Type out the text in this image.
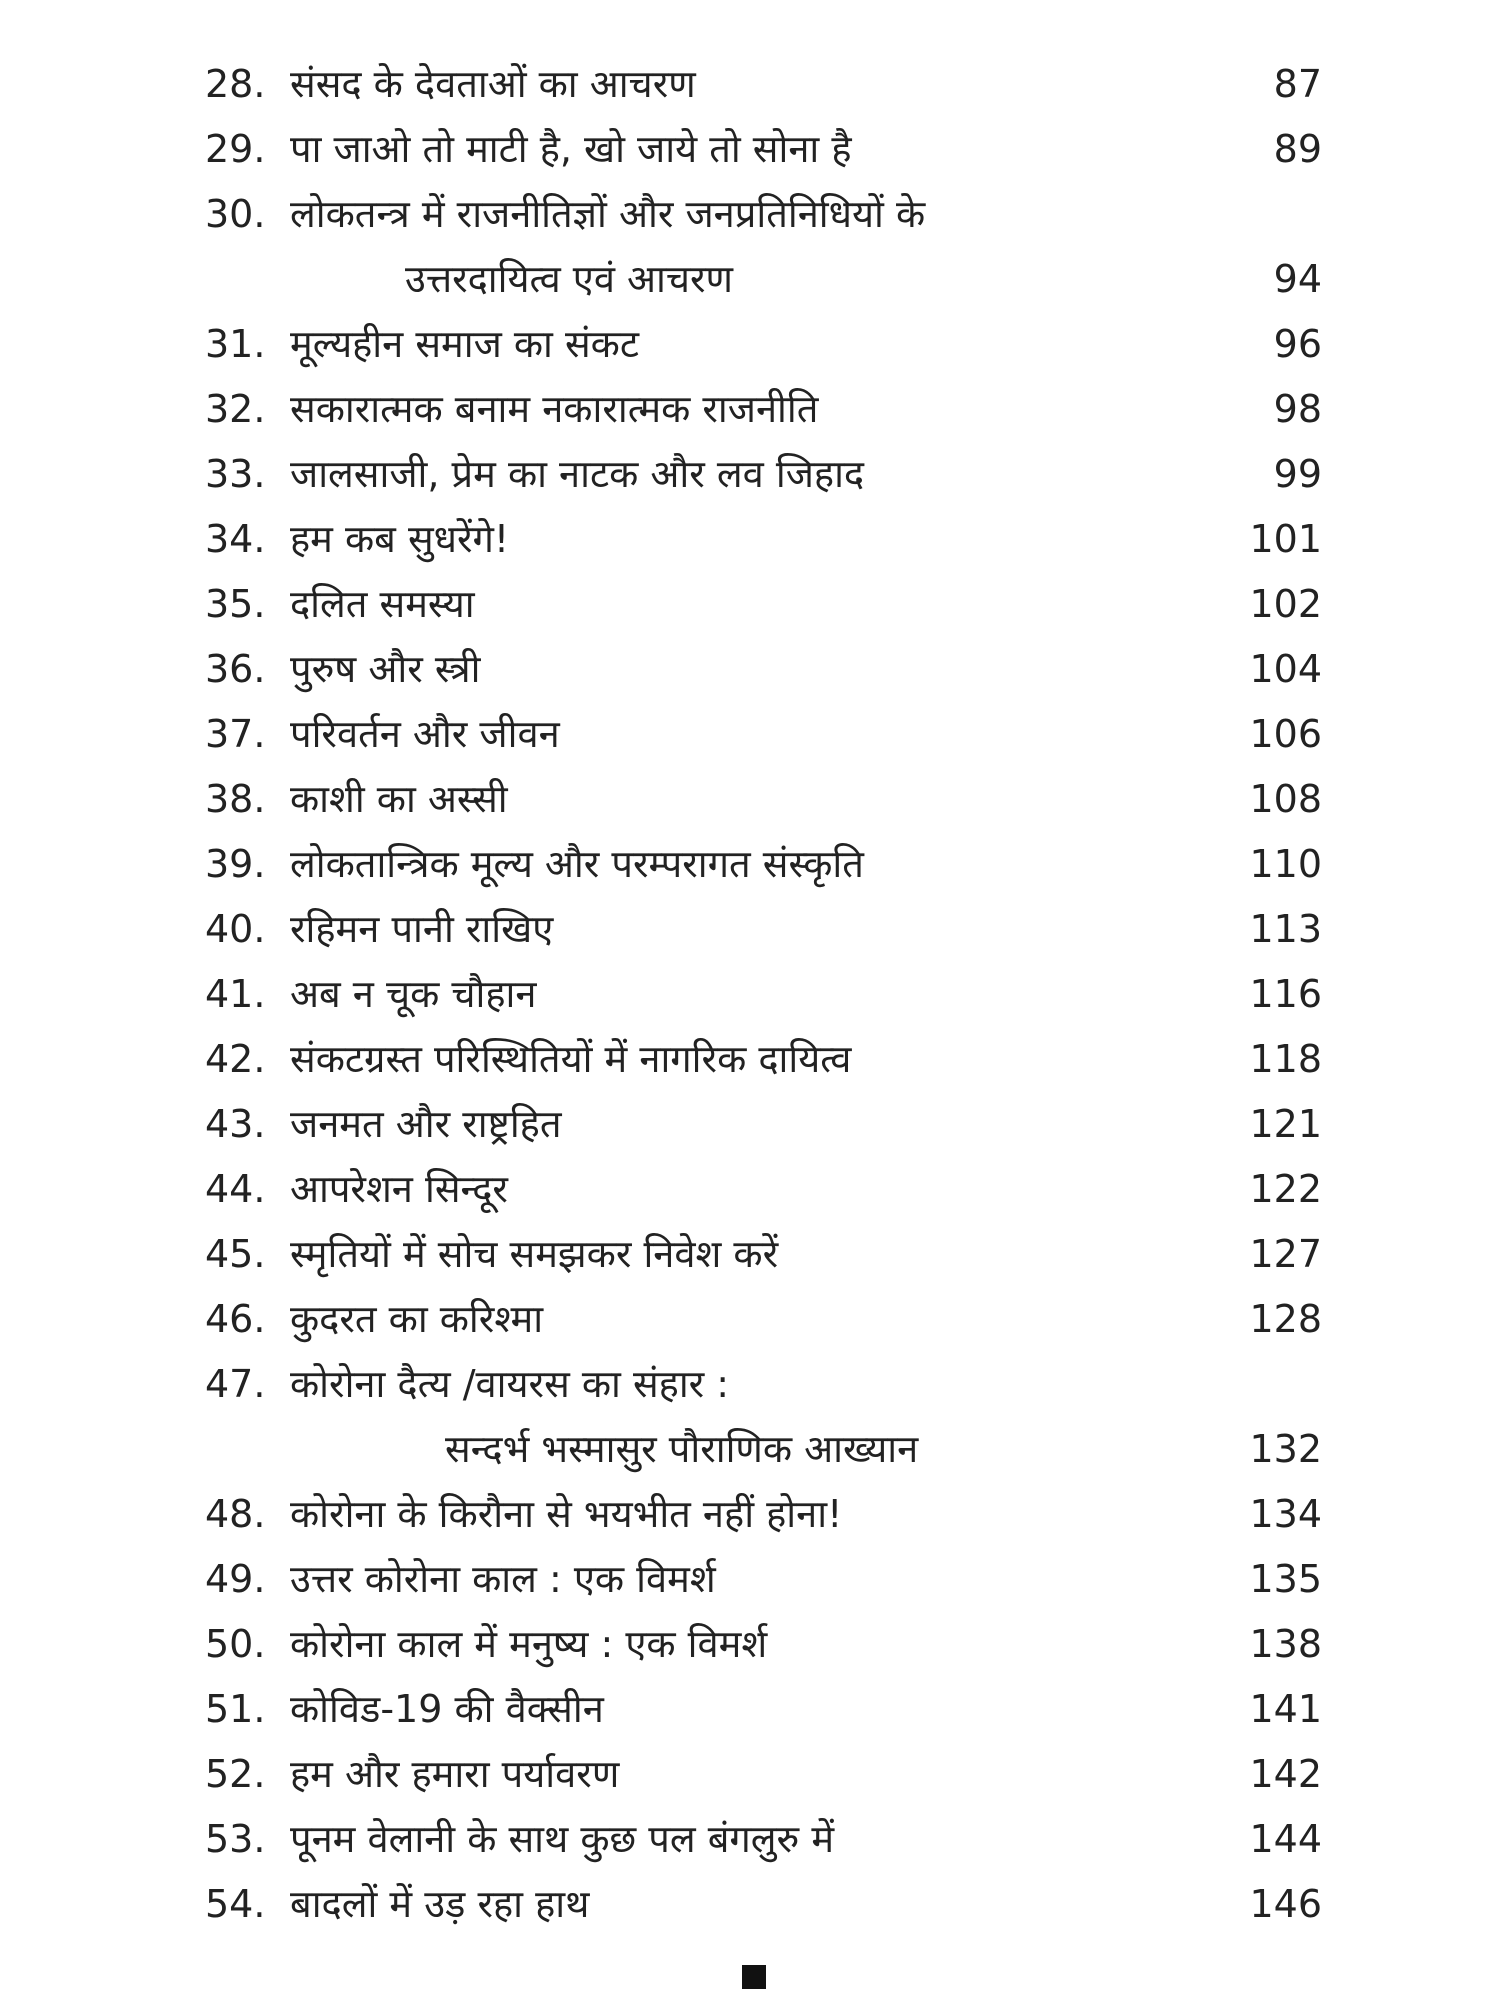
28. संसद के देवताओं का आचरण	87
29. पा जाओ तो माटी है, खो जाये तो सोना है	89
30. लोकतन्त्र में राजनीतिज्ञों और जनप्रतिनिधियों के
उत्तरदायित्व एवं आचरण	94
31. मूल्यहीन समाज का संकट	96
32. सकारात्मक बनाम नकारात्मक राजनीति	98
33. जालसाजी, प्रेम का नाटक और लव जिहाद	99
34. हम कब सुधरेंगे!	101
35. दलित समस्या	102
36. पुरुष और स्त्री	104
37. परिवर्तन और जीवन	106
38. काशी का अस्सी	108
39. लोकतान्त्रिक मूल्य और परम्परागत संस्कृति	110
40. रहिमन पानी राखिए	113
41. अब न चूक चौहान	116
42. संकटग्रस्त परिस्थितियों में नागरिक दायित्व	118
43. जनमत और राष्ट्रहित	121
44. आपरेशन सिन्दूर	122
45. स्मृतियों में सोच समझकर निवेश करें	127
46. कुदरत का करिश्मा	128
47. कोरोना दैत्य /वायरस का संहार :
सन्दर्भ भस्मासुर पौराणिक आख्यान	132
48. कोरोना के किरौना से भयभीत नहीं होना!	134
49. उत्तर कोरोना काल : एक विमर्श	135
50. कोरोना काल में मनुष्य : एक विमर्श	138
51. कोविड-19 की वैक्सीन	141
52. हम और हमारा पर्यावरण	142
53. पूनम वेलानी के साथ कुछ पल बंगलुरु में	144
54. बादलों में उड़ रहा हाथ	146
